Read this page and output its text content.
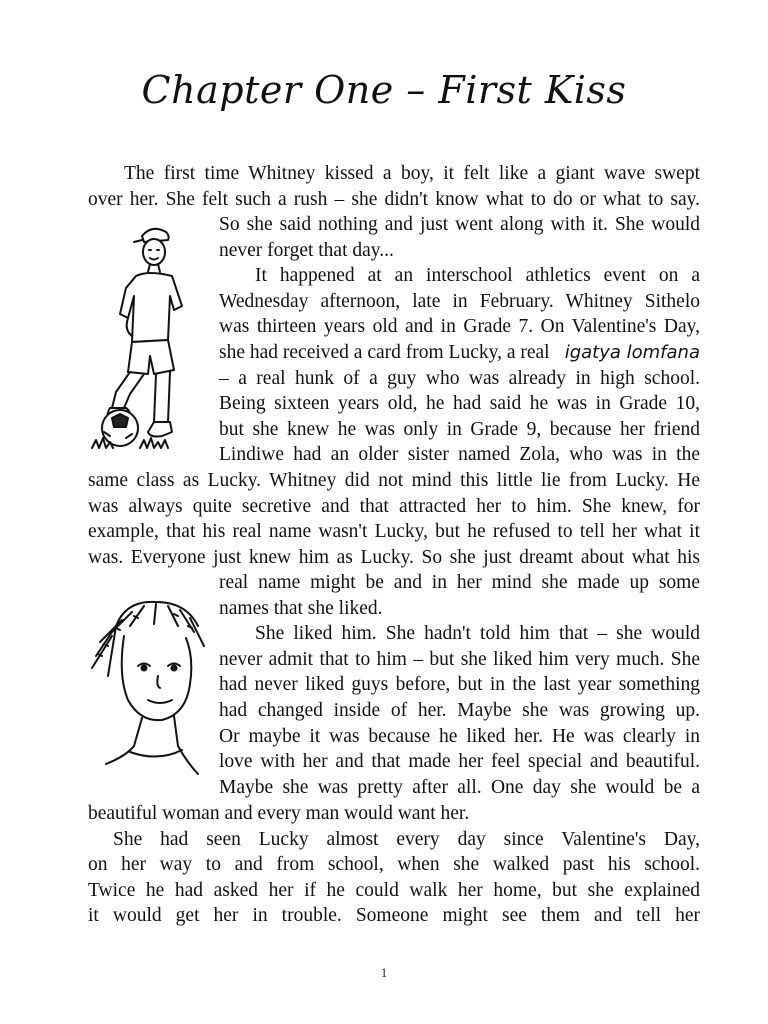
Chapter One – First Kiss
The first time Whitney kissed a boy, it felt like a giant wave swept
over her. She felt such a rush – she didn't know what to do or what to say.
So she said nothing and just went along with it. She would
never forget that day...
It happened at an interschool athletics event on a
Wednesday afternoon, late in February. Whitney Sithelo
was thirteen years old and in Grade 7. On Valentine's Day,
she had received a card from Lucky, a real igatya lomfana
– a real hunk of a guy who was already in high school.
Being sixteen years old, he had said he was in Grade 10,
but she knew he was only in Grade 9, because her friend
Lindiwe had an older sister named Zola, who was in the
same class as Lucky. Whitney did not mind this little lie from Lucky. He
was always quite secretive and that attracted her to him. She knew, for
example, that his real name wasn't Lucky, but he refused to tell her what it
was. Everyone just knew him as Lucky. So she just dreamt about what his
real name might be and in her mind she made up some
names that she liked.
She liked him. She hadn't told him that – she would
never admit that to him – but she liked him very much. She
had never liked guys before, but in the last year something
had changed inside of her. Maybe she was growing up.
Or maybe it was because he liked her. He was clearly in
love with her and that made her feel special and beautiful.
Maybe she was pretty after all. One day she would be a
beautiful woman and every man would want her.
She had seen Lucky almost every day since Valentine's Day,
on her way to and from school, when she walked past his school.
Twice he had asked her if he could walk her home, but she explained
it would get her in trouble. Someone might see them and tell her
1
